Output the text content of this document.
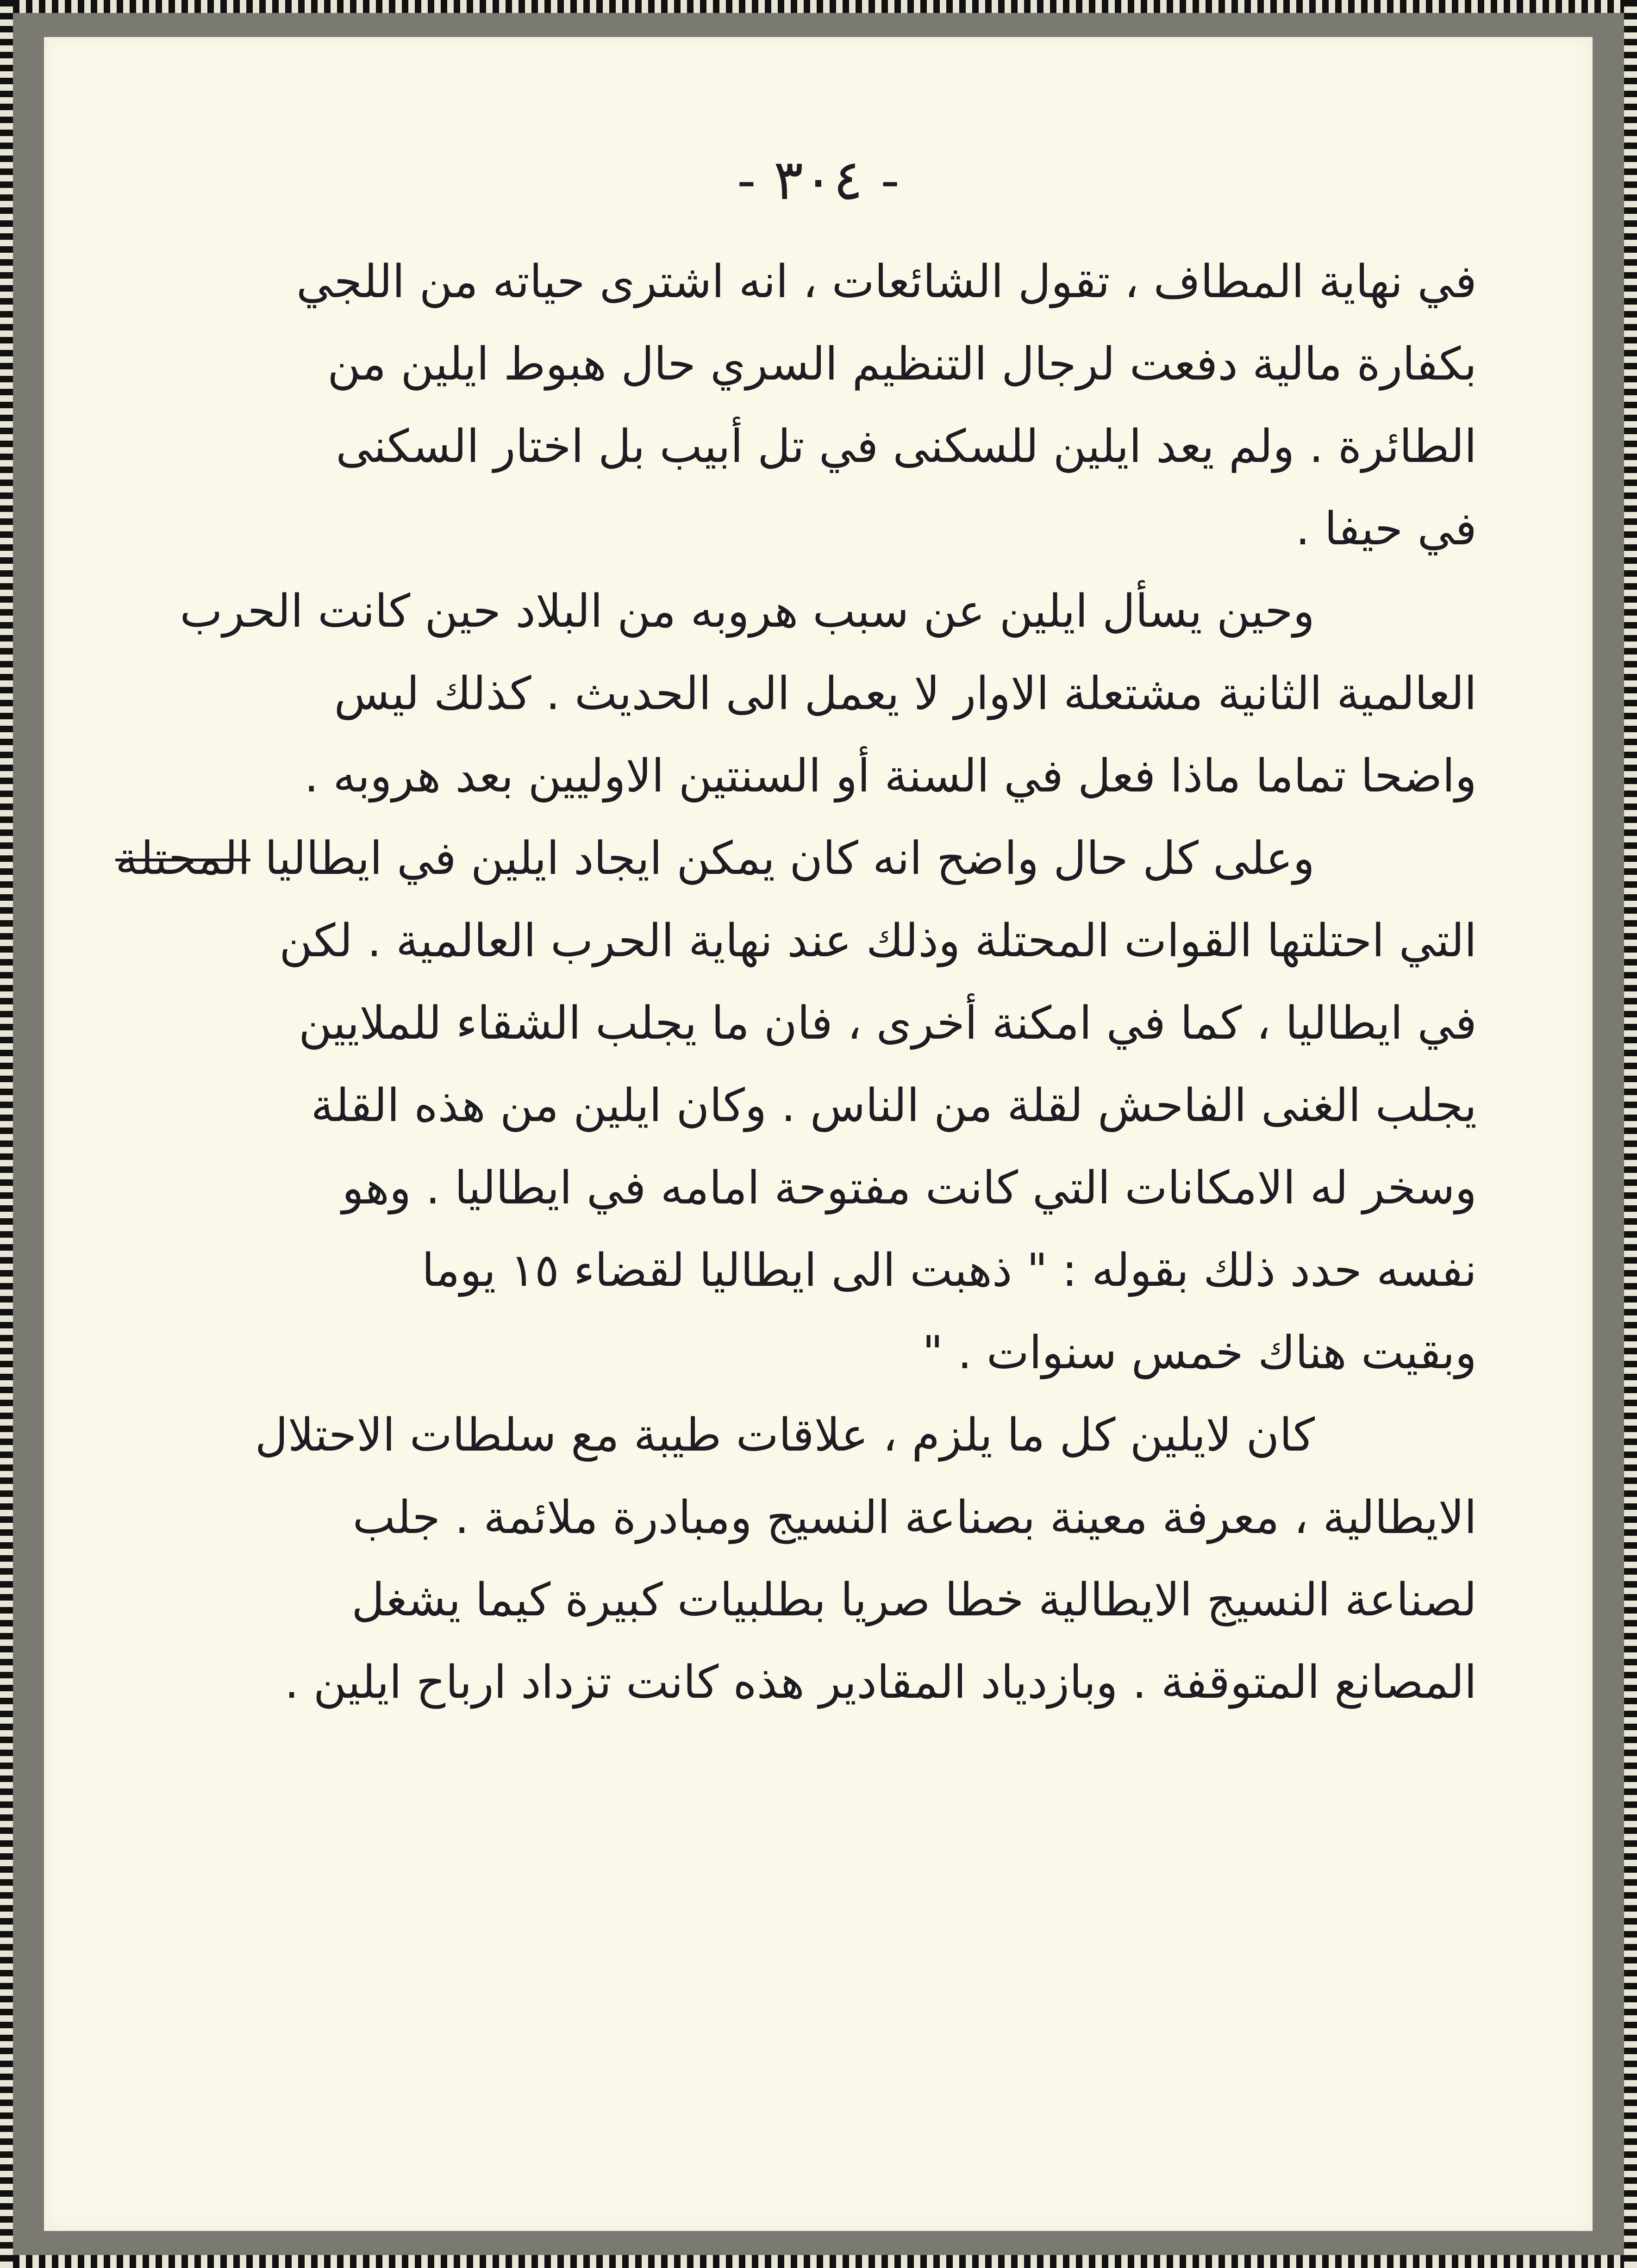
- ٣٠٤ -
في نهاية المطاف ، تقول الشائعات ، انه اشترى حياته من اللجي
بكفارة مالية دفعت لرجال التنظيم السري حال هبوط ايلين من
الطائرة . ولم يعد ايلين للسكنى في تل أبيب بل اختار السكنى
في حيفا .
وحين يسأل ايلين عن سبب هروبه من البلاد حين كانت الحرب
العالمية الثانية مشتعلة الاوار لا يعمل الى الحديث . كذلك ليس
واضحا تماما ماذا فعل في السنة أو السنتين الاوليين بعد هروبه .
وعلى كل حال واضح انه كان يمكن ايجاد ايلين في ايطاليا المحتلة
التي احتلتها القوات المحتلة وذلك عند نهاية الحرب العالمية . لكن
في ايطاليا ، كما في امكنة أخرى ، فان ما يجلب الشقاء للملايين
يجلب الغنى الفاحش لقلة من الناس . وكان ايلين من هذه القلة
وسخر له الامكانات التي كانت مفتوحة امامه في ايطاليا . وهو
نفسه حدد ذلك بقوله : " ذهبت الى ايطاليا لقضاء ١٥ يوما
وبقيت هناك خمس سنوات . "
كان لايلين كل ما يلزم ، علاقات طيبة مع سلطات الاحتلال
الايطالية ، معرفة معينة بصناعة النسيج ومبادرة ملائمة . جلب
لصناعة النسيج الايطالية خطا صريا بطلبيات كبيرة كيما يشغل
المصانع المتوقفة . وبازدياد المقادير هذه كانت تزداد ارباح ايلين .
